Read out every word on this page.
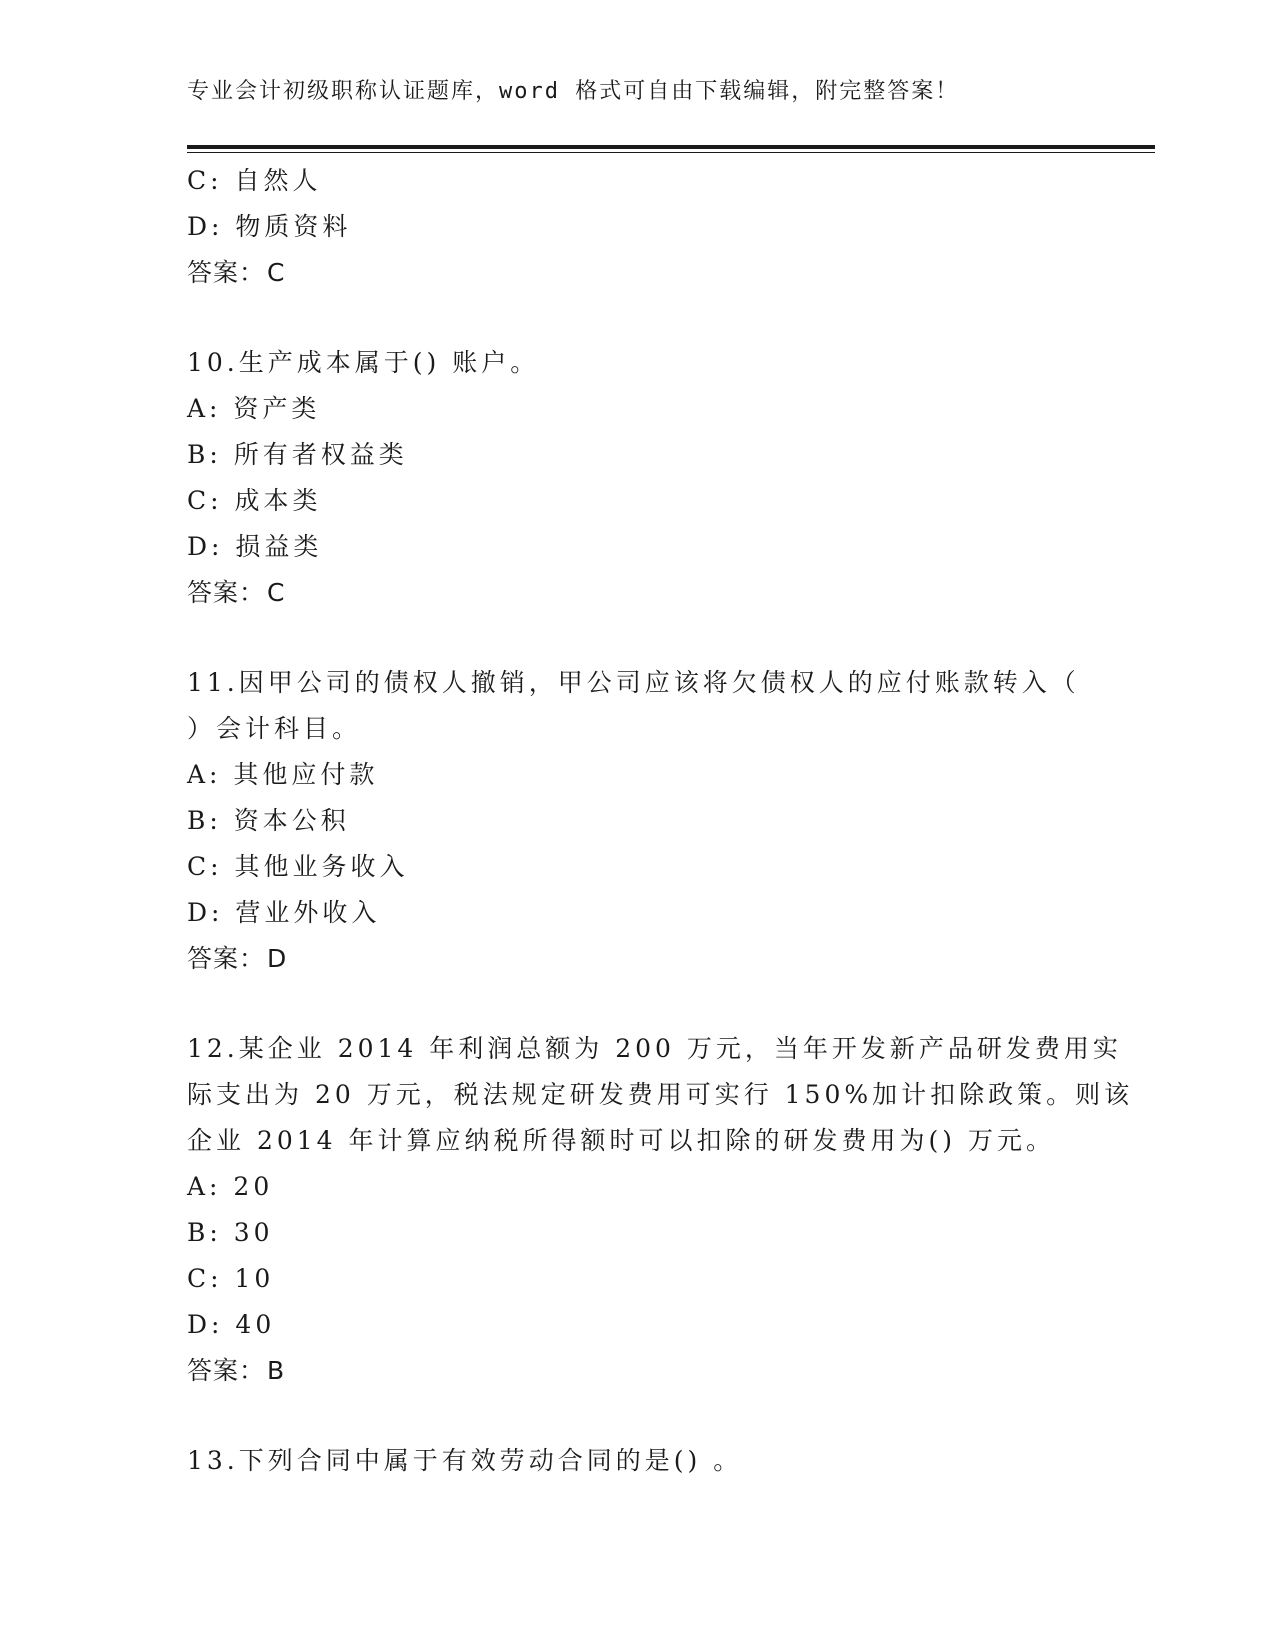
专业会计初级职称认证题库，word 格式可自由下载编辑，附完整答案！
C: 自然人
D: 物质资料
答案：C
10.生产成本属于() 账户。
A: 资产类
B: 所有者权益类
C: 成本类
D: 损益类
答案：C
11.因甲公司的债权人撤销，甲公司应该将欠债权人的应付账款转入（
）会计科目。
A: 其他应付款
B: 资本公积
C: 其他业务收入
D: 营业外收入
答案：D
12.某企业 2014 年利润总额为 200 万元，当年开发新产品研发费用实
际支出为 20 万元，税法规定研发费用可实行 150%加计扣除政策。则该
企业 2014 年计算应纳税所得额时可以扣除的研发费用为() 万元。
A: 20
B: 30
C: 10
D: 40
答案：B
13.下列合同中属于有效劳动合同的是() 。
